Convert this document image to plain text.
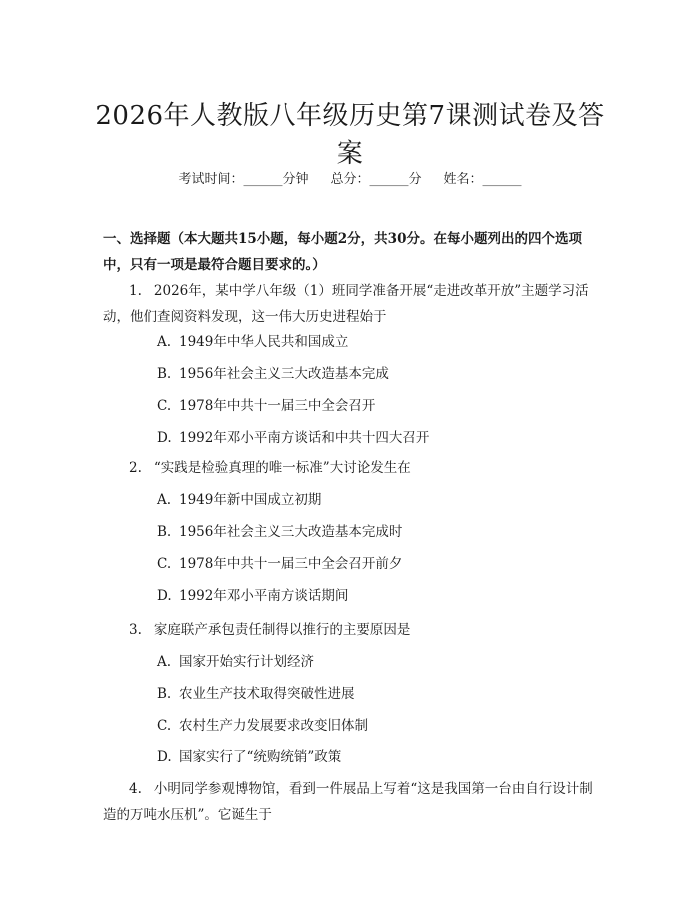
2026年人教版八年级历史第7课测试卷及答案
考试时间：______分钟 总分：______分 姓名：______
一、选择题（本大题共15小题，每小题2分，共30分。在每小题列出的四个选项中，只有一项是最符合题目要求的。）
1. 2026年，某中学八年级（1）班同学准备开展“走进改革开放”主题学习活动，他们查阅资料发现，这一伟大历史进程始于
A. 1949年中华人民共和国成立
B. 1956年社会主义三大改造基本完成
C. 1978年中共十一届三中全会召开
D. 1992年邓小平南方谈话和中共十四大召开
2. “实践是检验真理的唯一标准”大讨论发生在
A. 1949年新中国成立初期
B. 1956年社会主义三大改造基本完成时
C. 1978年中共十一届三中全会召开前夕
D. 1992年邓小平南方谈话期间
3. 家庭联产承包责任制得以推行的主要原因是
A. 国家开始实行计划经济
B. 农业生产技术取得突破性进展
C. 农村生产力发展要求改变旧体制
D. 国家实行了“统购统销”政策
4. 小明同学参观博物馆，看到一件展品上写着“这是我国第一台由自行设计制造的万吨水压机”。它诞生于
